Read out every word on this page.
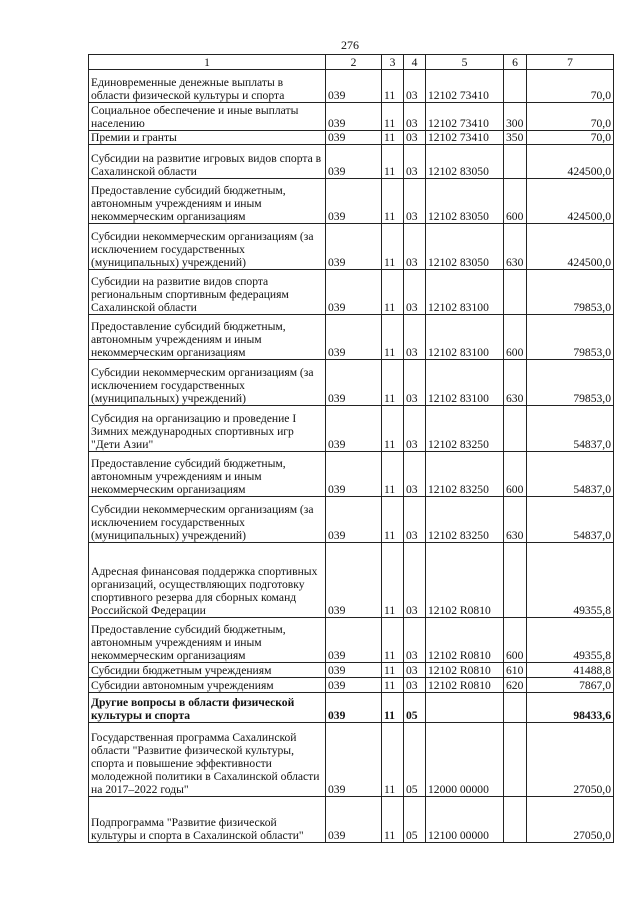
276
1	2	3	4	5	6	7
Единовременные денежные выплаты в области физической культуры и спорта	039	11	03	12102 73410		70,0
Социальное обеспечение и иные выплаты населению	039	11	03	12102 73410	300	70,0
Премии и гранты	039	11	03	12102 73410	350	70,0
Субсидии на развитие игровых видов спорта в Сахалинской области	039	11	03	12102 83050		424500,0
Предоставление субсидий бюджетным, автономным учреждениям и иным некоммерческим организациям	039	11	03	12102 83050	600	424500,0
Субсидии некоммерческим организациям (за исключением государственных (муниципальных) учреждений)	039	11	03	12102 83050	630	424500,0
Субсидии на развитие видов спорта региональным спортивным федерациям Сахалинской области	039	11	03	12102 83100		79853,0
Предоставление субсидий бюджетным, автономным учреждениям и иным некоммерческим организациям	039	11	03	12102 83100	600	79853,0
Субсидии некоммерческим организациям (за исключением государственных (муниципальных) учреждений)	039	11	03	12102 83100	630	79853,0
Субсидия на организацию и проведение I Зимних международных спортивных игр "Дети Азии"	039	11	03	12102 83250		54837,0
Предоставление субсидий бюджетным, автономным учреждениям и иным некоммерческим организациям	039	11	03	12102 83250	600	54837,0
Субсидии некоммерческим организациям (за исключением государственных (муниципальных) учреждений)	039	11	03	12102 83250	630	54837,0
Адресная финансовая поддержка спортивных организаций, осуществляющих подготовку спортивного резерва для сборных команд Российской Федерации	039	11	03	12102 R0810		49355,8
Предоставление субсидий бюджетным, автономным учреждениям и иным некоммерческим организациям	039	11	03	12102 R0810	600	49355,8
Субсидии бюджетным учреждениям	039	11	03	12102 R0810	610	41488,8
Субсидии автономным учреждениям	039	11	03	12102 R0810	620	7867,0
Другие вопросы в области физической культуры и спорта	039	11	05			98433,6
Государственная программа Сахалинской области "Развитие физической культуры, спорта и повышение эффективности молодежной политики в Сахалинской области на 2017–2022 годы"	039	11	05	12000 00000		27050,0
Подпрограмма "Развитие физической культуры и спорта в Сахалинской области"	039	11	05	12100 00000		27050,0
